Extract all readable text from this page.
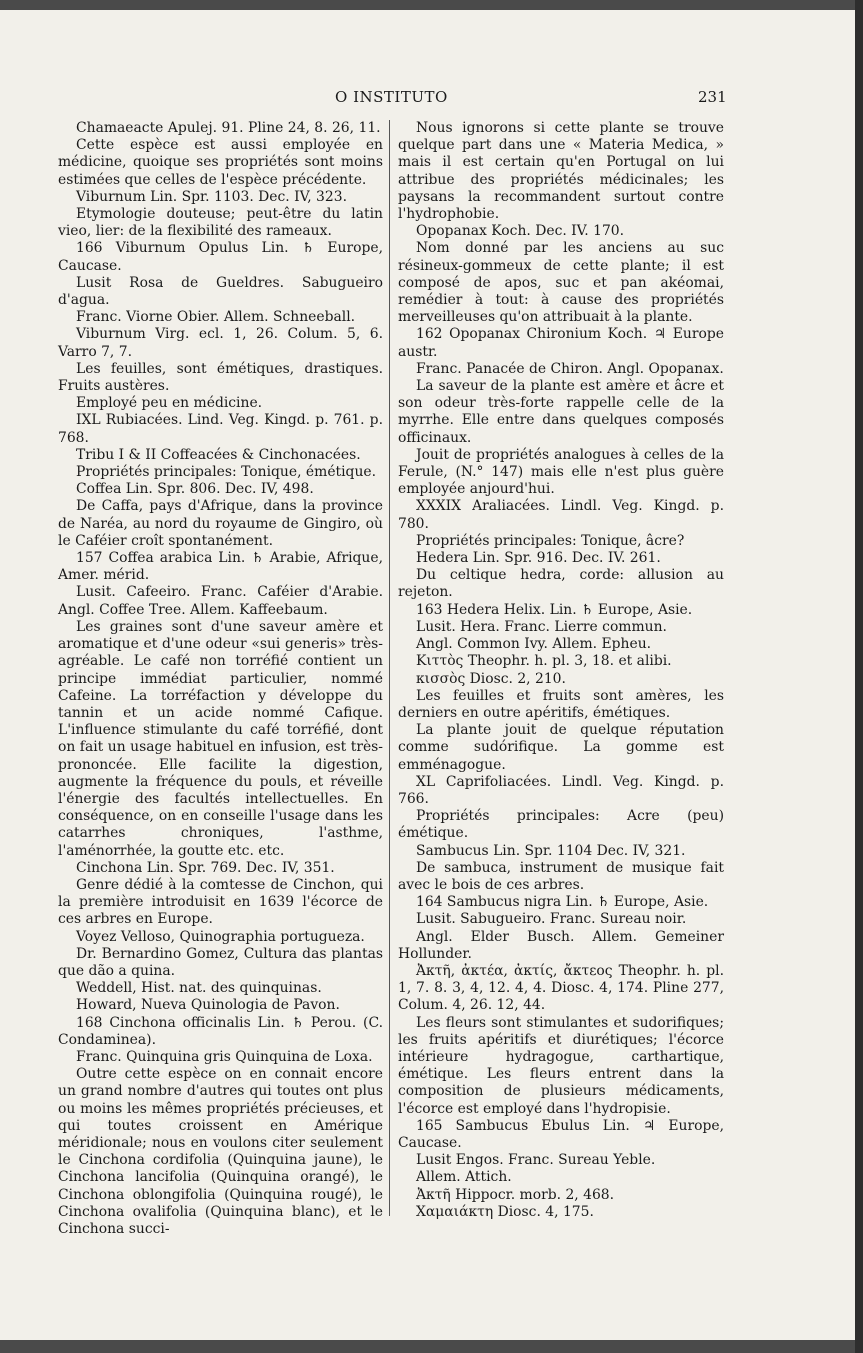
O INSTITUTO	231

Chamaeacte Apulej. 91. Pline 24, 8. 26, 11.

Cette espèce est aussi employée en médicine, quoique ses propriétés sont moins estimées que celles de l'espèce précédente.

Viburnum Lin. Spr. 1103. Dec. IV, 323.

Etymologie douteuse; peut-être du latin vieo, lier: de la flexibilité des rameaux.

166 Viburnum Opulus Lin. ♄ Europe, Caucase.

Lusit Rosa de Gueldres. Sabugueiro d'agua.

Franc. Viorne Obier. Allem. Schneeball.

Viburnum Virg. ecl. 1, 26. Colum. 5, 6. Varro 7, 7.

Les feuilles, sont émétiques, drastiques. Fruits austères.

Employé peu en médicine.

IXL Rubiacées. Lind. Veg. Kingd. p. 761. p. 768.

Tribu I & II Coffeacées & Cinchonacées.

Propriétés principales: Tonique, émétique.

Coffea Lin. Spr. 806. Dec. IV, 498.

De Caffa, pays d'Afrique, dans la province de Naréa, au nord du royaume de Gingiro, où le Caféier croît spontanément.

157 Coffea arabica Lin. ♄ Arabie, Afrique, Amer. mérid.

Lusit. Cafeeiro. Franc. Caféier d'Arabie. Angl. Coffee Tree. Allem. Kaffeebaum.

Les graines sont d'une saveur amère et aromatique et d'une odeur «sui generis» très-agréable. Le café non torréfié contient un principe immédiat particulier, nommé Cafeine. La torréfaction y développe du tannin et un acide nommé Cafique. L'influence stimulante du café torréfié, dont on fait un usage habituel en infusion, est très-prononcée. Elle facilite la digestion, augmente la fréquence du pouls, et réveille l'énergie des facultés intellectuelles. En conséquence, on en conseille l'usage dans les catarrhes chroniques, l'asthme, l'aménorrhée, la goutte etc. etc.

Cinchona Lin. Spr. 769. Dec. IV, 351.

Genre dédié à la comtesse de Cinchon, qui la première introduisit en 1639 l'écorce de ces arbres en Europe.

Voyez Velloso, Quinographia portugueza.

Dr. Bernardino Gomez, Cultura das plantas que dão a quina.

Weddell, Hist. nat. des quinquinas.

Howard, Nueva Quinologia de Pavon.

168 Cinchona officinalis Lin. ♄ Perou. (C. Condaminea).

Franc. Quinquina gris Quinquina de Loxa.

Outre cette espèce on en connait encore un grand nombre d'autres qui toutes ont plus ou moins les mêmes propriétés précieuses, et qui toutes croissent en Amérique méridionale; nous en voulons citer seulement le Cinchona cordifolia (Quinquina jaune), le Cinchona lancifolia (Quinquina orangé), le Cinchona oblongifolia (Quinquina rougé), le Cinchona ovalifolia (Quinquina blanc), et le Cinchona succi-

Nous ignorons si cette plante se trouve quelque part dans une « Materia Medica, » mais il est certain qu'en Portugal on lui attribue des propriétés médicinales; les paysans la recommandent surtout contre l'hydrophobie.

Opopanax Koch. Dec. IV. 170.

Nom donné par les anciens au suc résineux-gommeux de cette plante; il est composé de apos, suc et pan akéomai, remédier à tout: à cause des propriétés merveilleuses qu'on attribuait à la plante.

162 Opopanax Chironium Koch. ♃ Europe austr.

Franc. Panacée de Chiron. Angl. Opopanax.

La saveur de la plante est amère et âcre et son odeur très-forte rappelle celle de la myrrhe. Elle entre dans quelques composés officinaux.

Jouit de propriétés analogues à celles de la Ferule, (N.° 147) mais elle n'est plus guère employée anjourd'hui.

XXXIX Araliacées. Lindl. Veg. Kingd. p. 780.

Propriétés principales: Tonique, âcre?

Hedera Lin. Spr. 916. Dec. IV. 261.

Du celtique hedra, corde: allusion au rejeton.

163 Hedera Helix. Lin. ♄ Europe, Asie.

Lusit. Hera. Franc. Lierre commun.

Angl. Common Ivy. Allem. Epheu.

Κιττὸς Theophr. h. pl. 3, 18. et alibi.

κισσὸς Diosc. 2, 210.

Les feuilles et fruits sont amères, les derniers en outre apéritifs, émétiques.

La plante jouit de quelque réputation comme sudórifique. La gomme est emménagogue.

XL Caprifoliacées. Lindl. Veg. Kingd. p. 766.

Propriétés principales: Acre (peu) émétique.

Sambucus Lin. Spr. 1104 Dec. IV, 321.

De sambuca, instrument de musique fait avec le bois de ces arbres.

164 Sambucus nigra Lin. ♄ Europe, Asie.

Lusit. Sabugueiro. Franc. Sureau noir.

Angl. Elder Busch. Allem. Gemeiner Hollunder.

Ἀκτῆ, ἀκτέα, ἀκτίς, ἄκτεος Theophr. h. pl. 1, 7. 8. 3, 4, 12. 4, 4. Diosc. 4, 174. Pline 277, Colum. 4, 26. 12, 44.

Les fleurs sont stimulantes et sudorifiques; les fruits apéritifs et diurétiques; l'écorce intérieure hydragogue, carthartique, émétique. Les fleurs entrent dans la composition de plusieurs médicaments, l'écorce est employé dans l'hydropisie.

165 Sambucus Ebulus Lin. ♃ Europe, Caucase.

Lusit Engos. Franc. Sureau Yeble.

Allem. Attich.

Ἀκτῆ Hippocr. morb. 2, 468.

Χαμαιάκτη Diosc. 4, 175.
